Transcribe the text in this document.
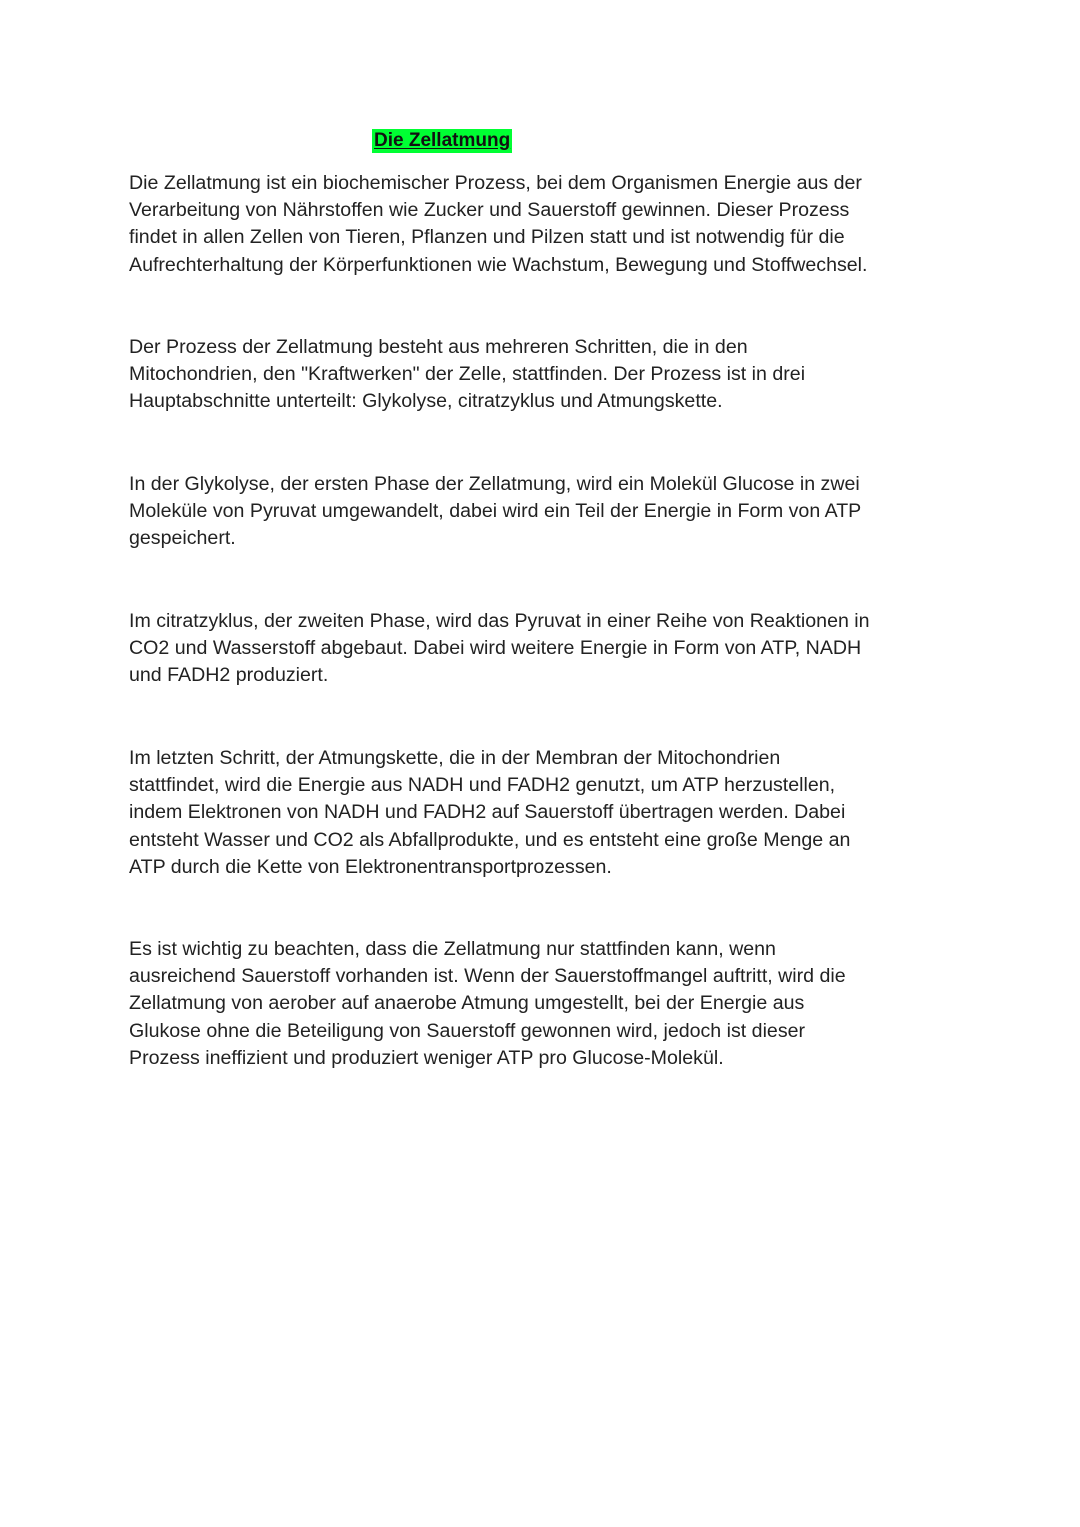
Die Zellatmung

Die Zellatmung ist ein biochemischer Prozess, bei dem Organismen Energie aus der
Verarbeitung von Nährstoffen wie Zucker und Sauerstoff gewinnen. Dieser Prozess
findet in allen Zellen von Tieren, Pflanzen und Pilzen statt und ist notwendig für die
Aufrechterhaltung der Körperfunktionen wie Wachstum, Bewegung und Stoffwechsel.

Der Prozess der Zellatmung besteht aus mehreren Schritten, die in den
Mitochondrien, den "Kraftwerken" der Zelle, stattfinden. Der Prozess ist in drei
Hauptabschnitte unterteilt: Glykolyse, citratzyklus und Atmungskette.

In der Glykolyse, der ersten Phase der Zellatmung, wird ein Molekül Glucose in zwei
Moleküle von Pyruvat umgewandelt, dabei wird ein Teil der Energie in Form von ATP
gespeichert.

Im citratzyklus, der zweiten Phase, wird das Pyruvat in einer Reihe von Reaktionen in
CO2 und Wasserstoff abgebaut. Dabei wird weitere Energie in Form von ATP, NADH
und FADH2 produziert.

Im letzten Schritt, der Atmungskette, die in der Membran der Mitochondrien
stattfindet, wird die Energie aus NADH und FADH2 genutzt, um ATP herzustellen,
indem Elektronen von NADH und FADH2 auf Sauerstoff übertragen werden. Dabei
entsteht Wasser und CO2 als Abfallprodukte, und es entsteht eine große Menge an
ATP durch die Kette von Elektronentransportprozessen.

Es ist wichtig zu beachten, dass die Zellatmung nur stattfinden kann, wenn
ausreichend Sauerstoff vorhanden ist. Wenn der Sauerstoffmangel auftritt, wird die
Zellatmung von aerober auf anaerobe Atmung umgestellt, bei der Energie aus
Glukose ohne die Beteiligung von Sauerstoff gewonnen wird, jedoch ist dieser
Prozess ineffizient und produziert weniger ATP pro Glucose-Molekül.
